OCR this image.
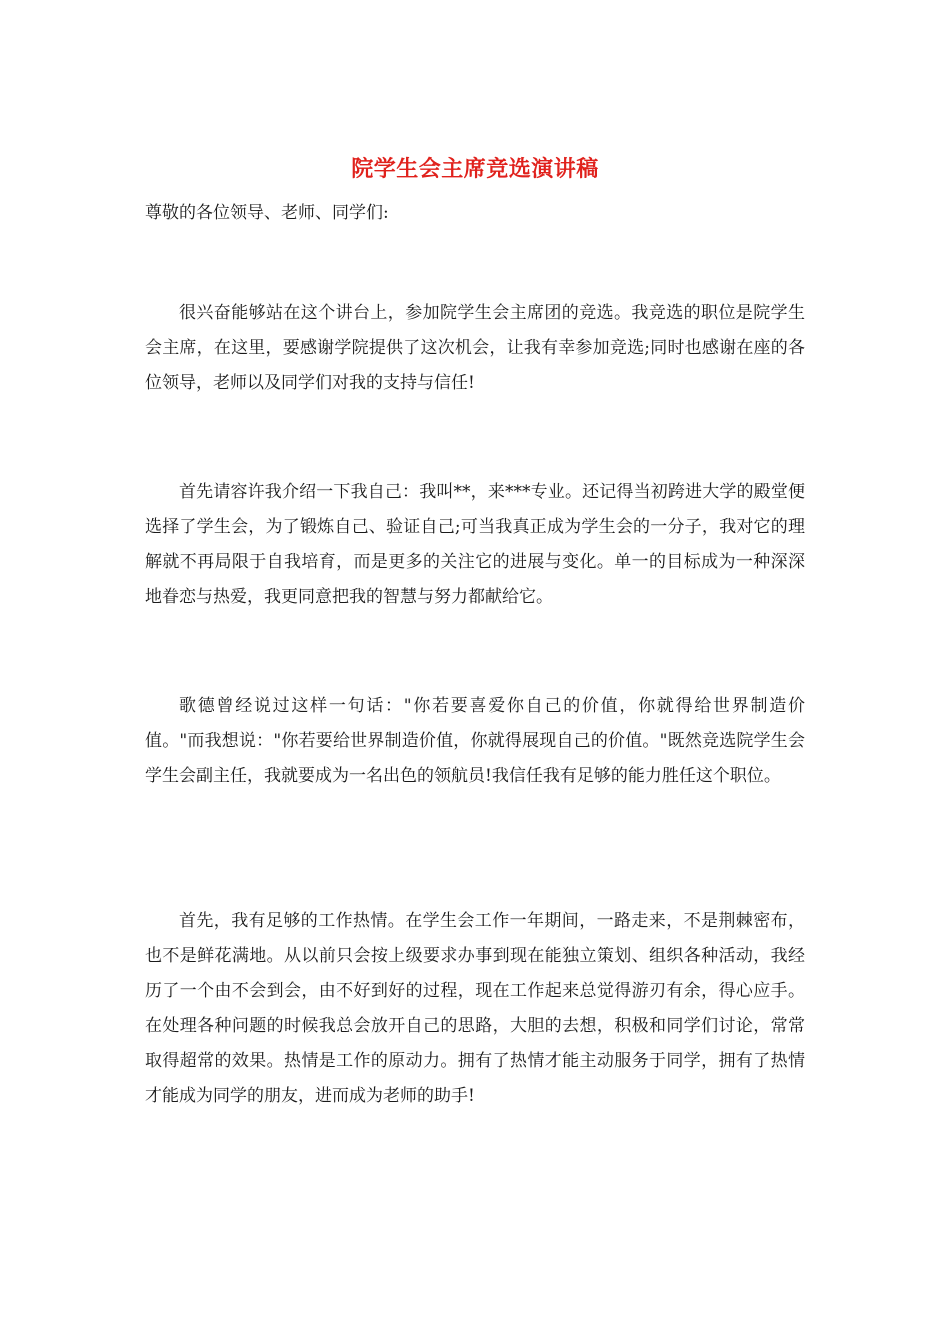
院学生会主席竞选演讲稿
尊敬的各位领导、老师、同学们:

很兴奋能够站在这个讲台上，参加院学生会主席团的竞选。我竞选的职位是院学生会主席，在这里，要感谢学院提供了这次机会，让我有幸参加竞选;同时也感谢在座的各位领导，老师以及同学们对我的支持与信任!

首先请容许我介绍一下我自己：我叫**，来***专业。还记得当初跨进大学的殿堂便选择了学生会，为了锻炼自己、验证自己;可当我真正成为学生会的一分子，我对它的理解就不再局限于自我培育，而是更多的关注它的进展与变化。单一的目标成为一种深深地眷恋与热爱，我更同意把我的智慧与努力都献给它。

歌德曾经说过这样一句话："你若要喜爱你自己的价值，你就得给世界制造价值。"而我想说："你若要给世界制造价值，你就得展现自己的价值。"既然竞选院学生会学生会副主任，我就要成为一名出色的领航员!我信任我有足够的能力胜任这个职位。

首先，我有足够的工作热情。在学生会工作一年期间，一路走来，不是荆棘密布，也不是鲜花满地。从以前只会按上级要求办事到现在能独立策划、组织各种活动，我经历了一个由不会到会，由不好到好的过程，现在工作起来总觉得游刃有余，得心应手。在处理各种问题的时候我总会放开自己的思路，大胆的去想，积极和同学们讨论，常常取得超常的效果。热情是工作的原动力。拥有了热情才能主动服务于同学，拥有了热情才能成为同学的朋友，进而成为老师的助手!
